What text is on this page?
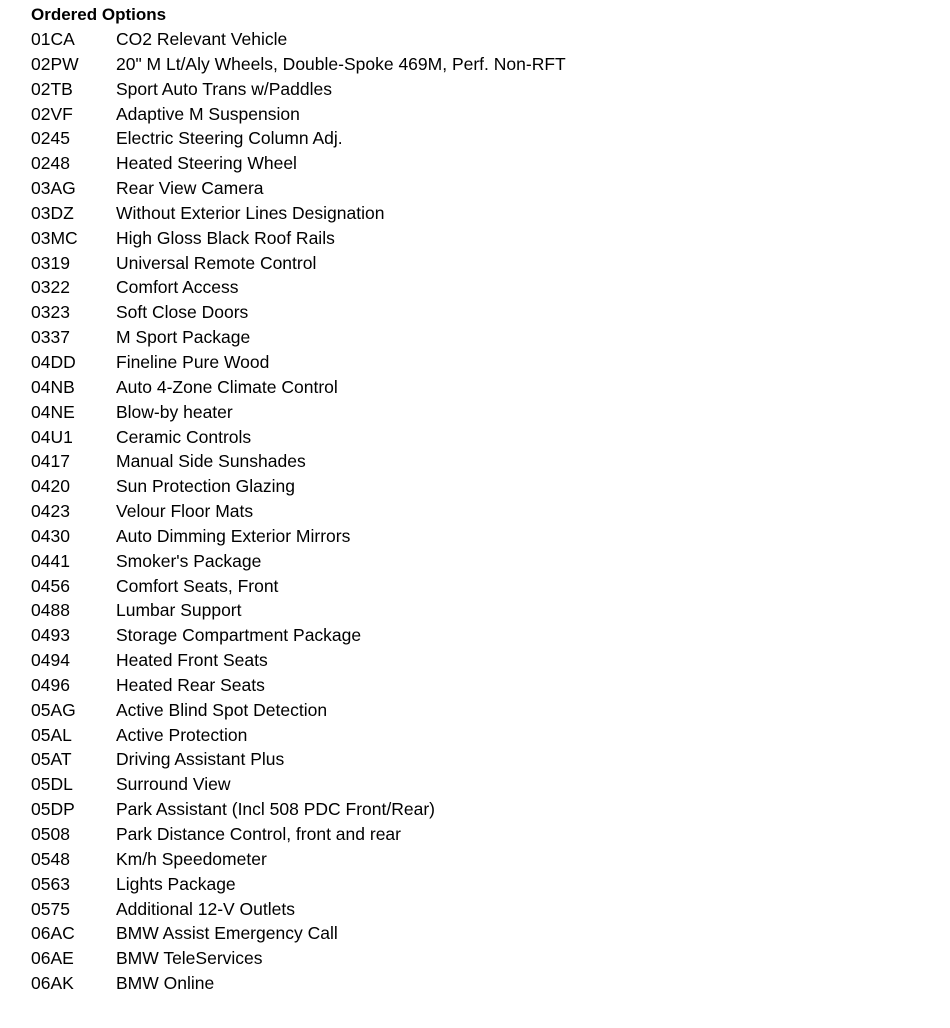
Ordered Options
01CA	CO2 Relevant Vehicle
02PW	20" M Lt/Aly Wheels, Double-Spoke 469M, Perf. Non-RFT
02TB	Sport Auto Trans w/Paddles
02VF	Adaptive M Suspension
0245	Electric Steering Column Adj.
0248	Heated Steering Wheel
03AG	Rear View Camera
03DZ	Without Exterior Lines Designation
03MC	High Gloss Black Roof Rails
0319	Universal Remote Control
0322	Comfort Access
0323	Soft Close Doors
0337	M Sport Package
04DD	Fineline Pure Wood
04NB	Auto 4-Zone Climate Control
04NE	Blow-by heater
04U1	Ceramic Controls
0417	Manual Side Sunshades
0420	Sun Protection Glazing
0423	Velour Floor Mats
0430	Auto Dimming Exterior Mirrors
0441	Smoker's Package
0456	Comfort Seats, Front
0488	Lumbar Support
0493	Storage Compartment Package
0494	Heated Front Seats
0496	Heated Rear Seats
05AG	Active Blind Spot Detection
05AL	Active Protection
05AT	Driving Assistant Plus
05DL	Surround View
05DP	Park Assistant (Incl 508 PDC Front/Rear)
0508	Park Distance Control, front and rear
0548	Km/h Speedometer
0563	Lights Package
0575	Additional 12-V Outlets
06AC	BMW Assist Emergency Call
06AE	BMW TeleServices
06AK	BMW Online
